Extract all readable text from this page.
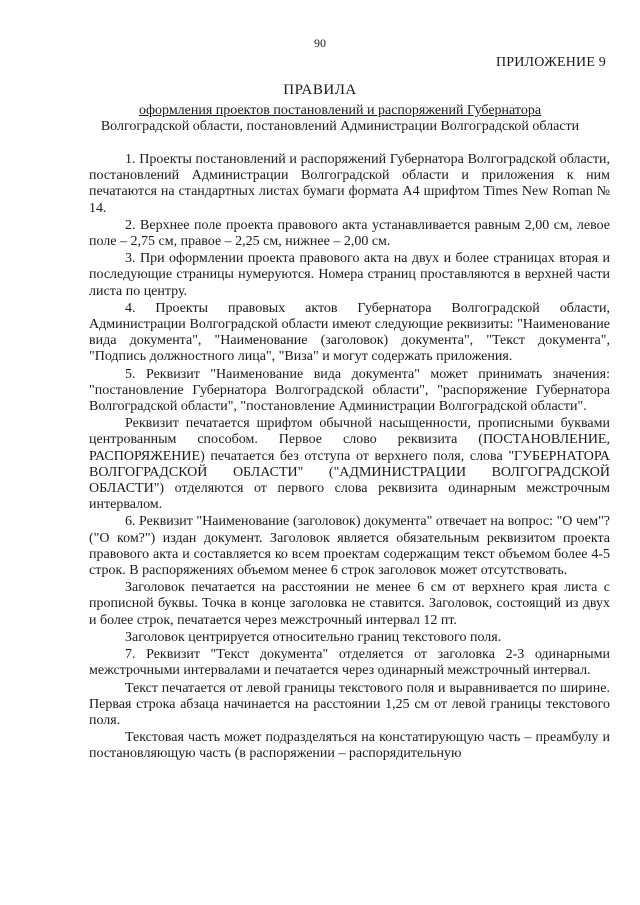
90
ПРИЛОЖЕНИЕ 9
ПРАВИЛА
оформления проектов постановлений и распоряжений Губернатора
Волгоградской области, постановлений Администрации Волгоградской области

1. Проекты постановлений и распоряжений Губернатора Волгоградской области, постановлений Администрации Волгоградской области и приложения к ним печатаются на стандартных листах бумаги формата А4 шрифтом Times New Roman № 14.

2. Верхнее поле проекта правового акта устанавливается равным 2,00 см, левое поле – 2,75 см, правое – 2,25 см, нижнее – 2,00 см.

3. При оформлении проекта правового акта на двух и более страницах вторая и последующие страницы нумеруются. Номера страниц проставляются в верхней части листа по центру.

4. Проекты правовых актов Губернатора Волгоградской области, Администрации Волгоградской области имеют следующие реквизиты: "Наименование вида документа", "Наименование (заголовок) документа", "Текст документа", "Подпись должностного лица", "Виза" и могут содержать приложения.

5. Реквизит "Наименование вида документа" может принимать значения: "постановление Губернатора Волгоградской области", "распоряжение Губернатора Волгоградской области", "постановление Администрации Волгоградской области".

Реквизит печатается шрифтом обычной насыщенности, прописными буквами центрованным способом. Первое слово реквизита (ПОСТАНОВЛЕНИЕ, РАСПОРЯЖЕНИЕ) печатается без отступа от верхнего поля, слова "ГУБЕРНАТОРА ВОЛГОГРАДСКОЙ ОБЛАСТИ" ("АДМИНИСТРАЦИИ ВОЛГОГРАДСКОЙ ОБЛАСТИ") отделяются от первого слова реквизита одинарным межстрочным интервалом.

6. Реквизит "Наименование (заголовок) документа" отвечает на вопрос: "О чем"? ("О ком?") издан документ. Заголовок является обязательным реквизитом проекта правового акта и составляется ко всем проектам содержащим текст объемом более 4-5 строк. В распоряжениях объемом менее 6 строк заголовок может отсутствовать.

Заголовок печатается на расстоянии не менее 6 см от верхнего края листа с прописной буквы. Точка в конце заголовка не ставится. Заголовок, состоящий из двух и более строк, печатается через межстрочный интервал 12 пт.

Заголовок центрируется относительно границ текстового поля.

7. Реквизит "Текст документа" отделяется от заголовка 2-3 одинарными межстрочными интервалами и печатается через одинарный межстрочный интервал.

Текст печатается от левой границы текстового поля и выравнивается по ширине. Первая строка абзаца начинается на расстоянии 1,25 см от левой границы текстового поля.

Текстовая часть может подразделяться на констатирующую часть – преамбулу и постановляющую часть (в распоряжении – распорядительную
